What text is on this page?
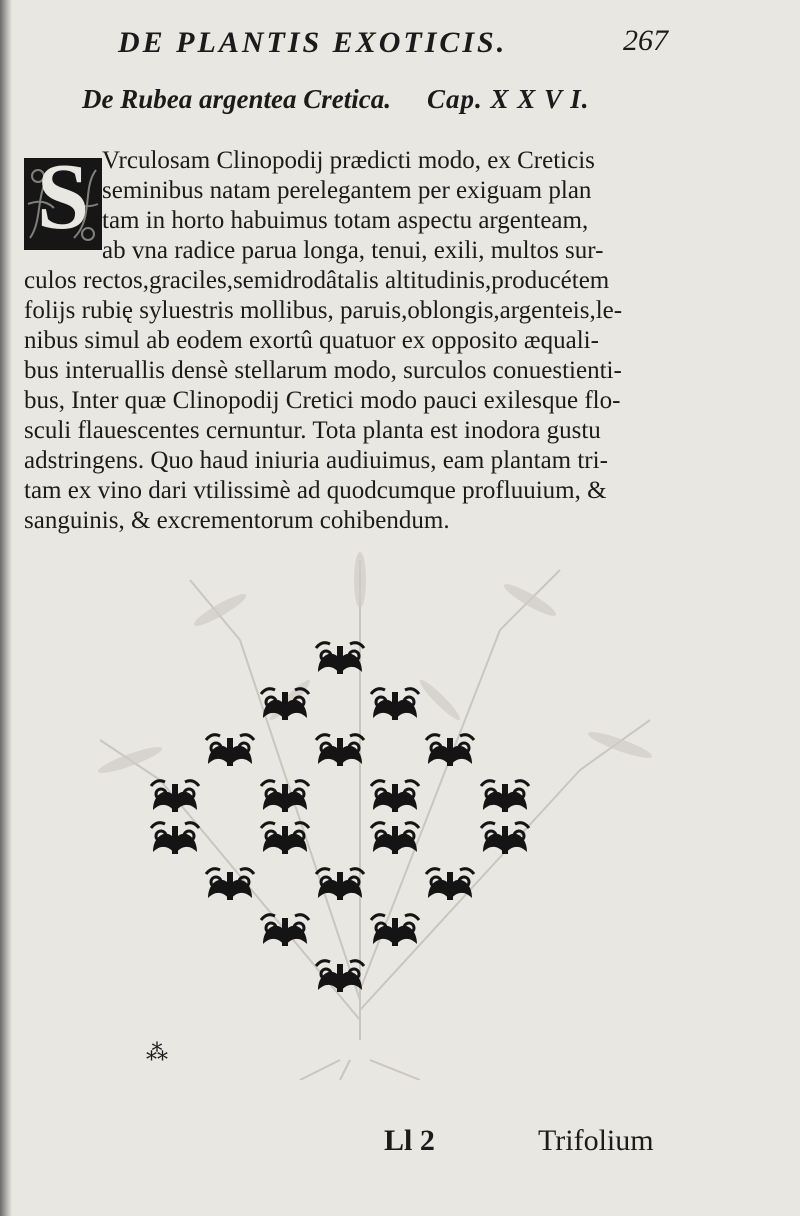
DE PLANTIS EXOTICIS.	267
De Rubea argentea Cretica. Cap. X X V I.
S Vrculosam Clinopodij prædicti modo, ex Creticis
seminibus natam perelegantem per exiguam plan
tam in horto habuimus totam aspectu argenteam,
ab vna radice parua longa, tenui, exili, multos sur-
culos rectos,graciles,semidrodâtalis altitudinis,producétem
folijs rubię syluestris mollibus, paruis,oblongis,argenteis,le-
nibus simul ab eodem exortû quatuor ex opposito æquali-
bus interuallis densè stellarum modo, surculos conuestienti-
bus, Inter quæ Clinopodij Cretici modo pauci exilesque flo-
sculi flauescentes cernuntur. Tota planta est inodora gustu
adstringens. Quo haud iniuria audiuimus, eam plantam tri-
tam ex vino dari vtilissimè ad quodcumque profluuium, &
sanguinis, & excrementorum cohibendum.
⁂
Ll 2	Trifolium
